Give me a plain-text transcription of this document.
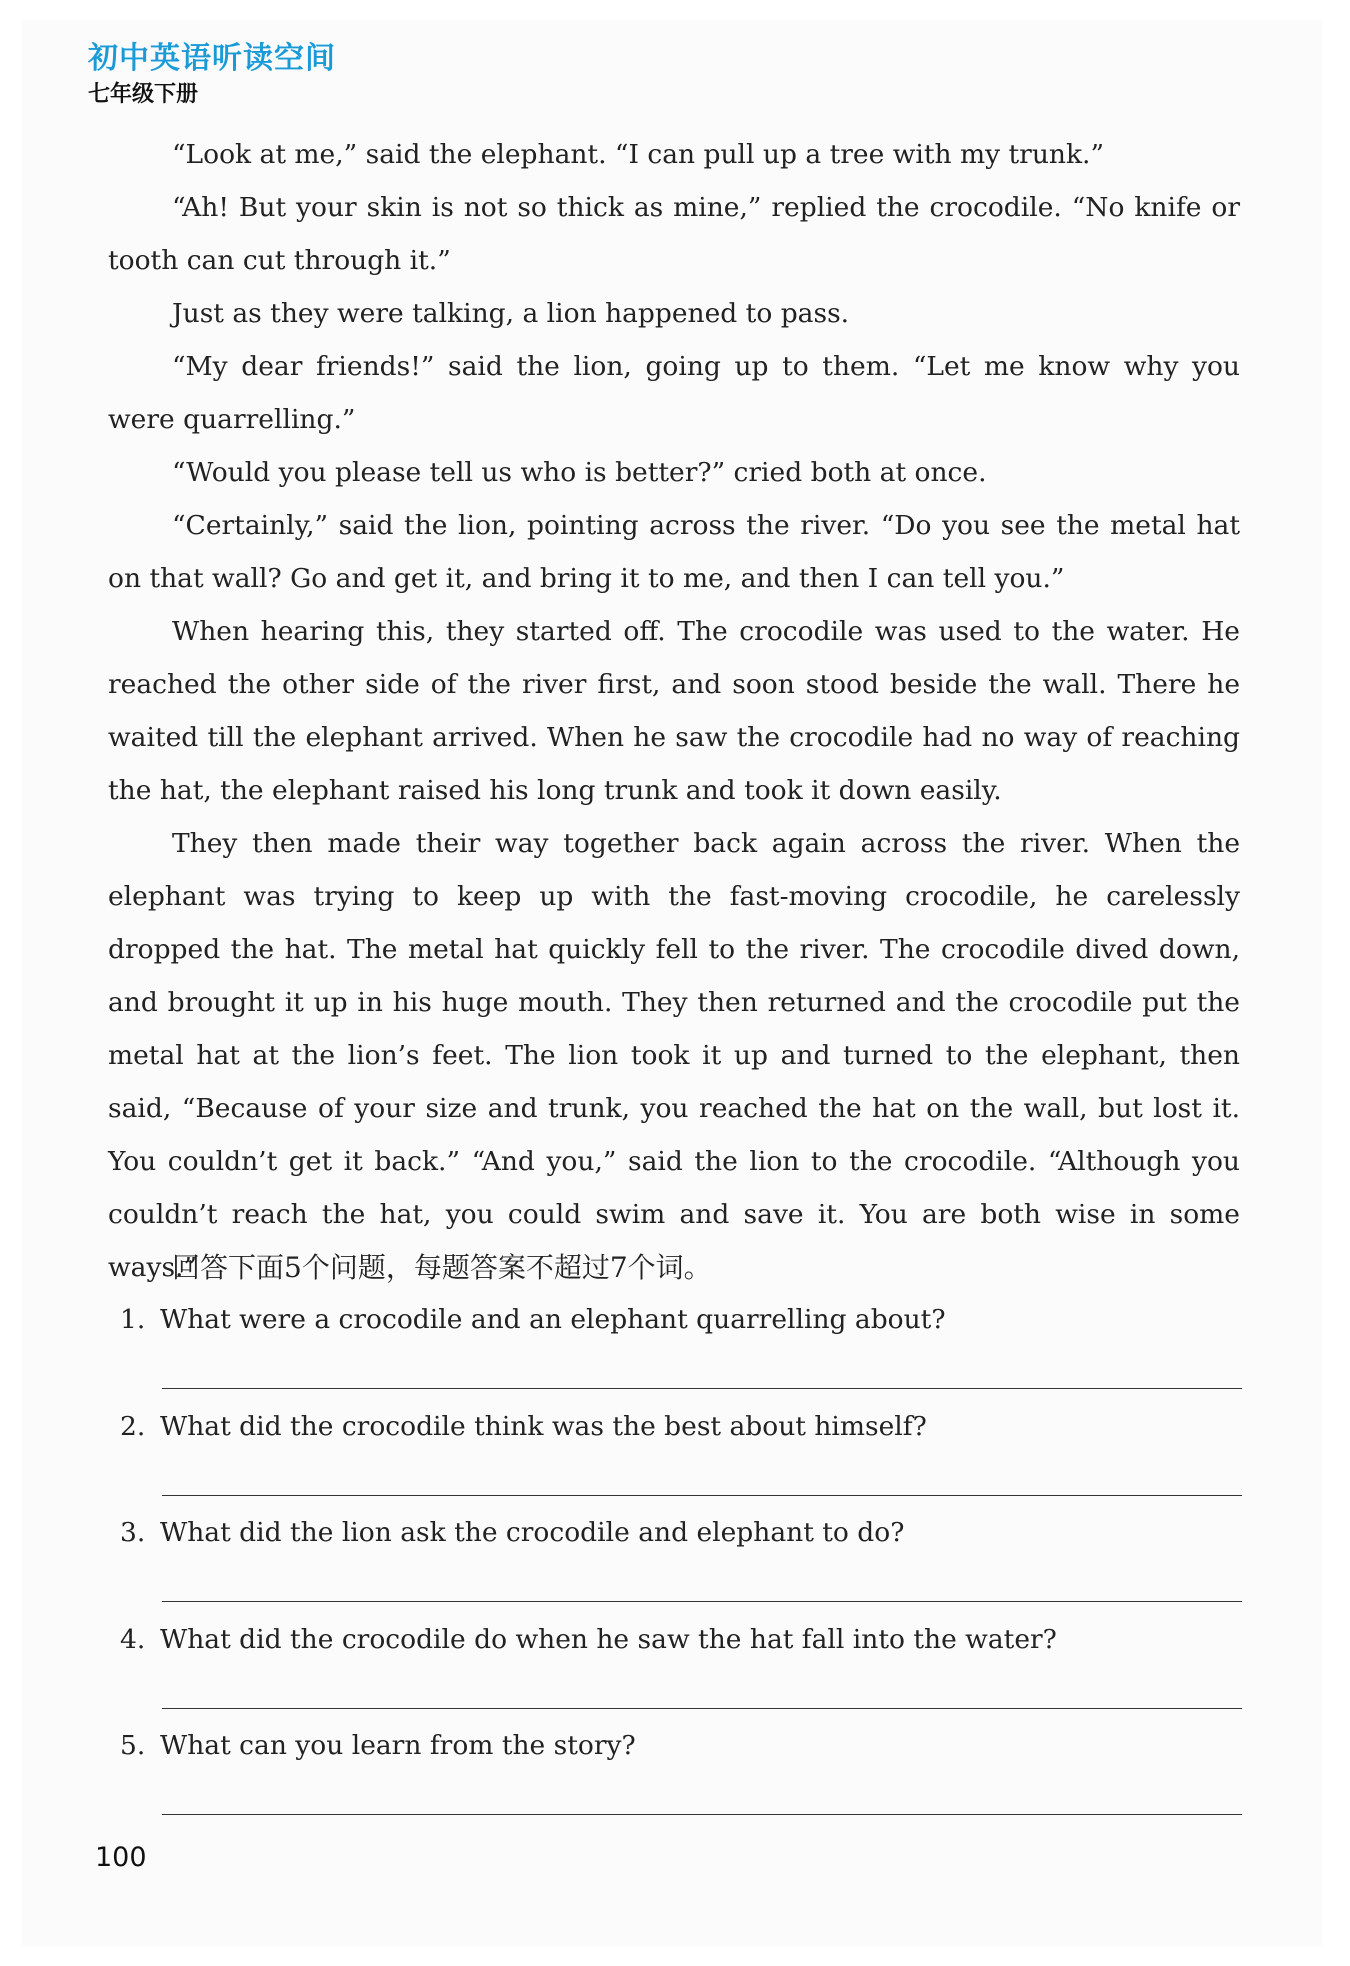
初中英语听读空间
七年级下册

“Look at me,” said the elephant. “I can pull up a tree with my trunk.”

“Ah! But your skin is not so thick as mine,” replied the crocodile. “No knife or tooth can cut through it.”

Just as they were talking, a lion happened to pass.

“My dear friends!” said the lion, going up to them. “Let me know why you were quarrelling.”

“Would you please tell us who is better?” cried both at once.

“Certainly,” said the lion, pointing across the river. “Do you see the metal hat on that wall? Go and get it, and bring it to me, and then I can tell you.”

When hearing this, they started off. The crocodile was used to the water. He reached the other side of the river first, and soon stood beside the wall. There he waited till the elephant arrived. When he saw the crocodile had no way of reaching the hat, the elephant raised his long trunk and took it down easily.

They then made their way together back again across the river. When the elephant was trying to keep up with the fast-moving crocodile, he carelessly dropped the hat. The metal hat quickly fell to the river. The crocodile dived down, and brought it up in his huge mouth. They then returned and the crocodile put the metal hat at the lion’s feet. The lion took it up and turned to the elephant, then said, “Because of your size and trunk, you reached the hat on the wall, but lost it. You couldn’t get it back.” “And you,” said the lion to the crocodile. “Although you couldn’t reach the hat, you could swim and save it. You are both wise in some ways.”

回答下面5个问题，每题答案不超过7个词。
1. What were a crocodile and an elephant quarrelling about?
2. What did the crocodile think was the best about himself?
3. What did the lion ask the crocodile and elephant to do?
4. What did the crocodile do when he saw the hat fall into the water?
5. What can you learn from the story?
100
